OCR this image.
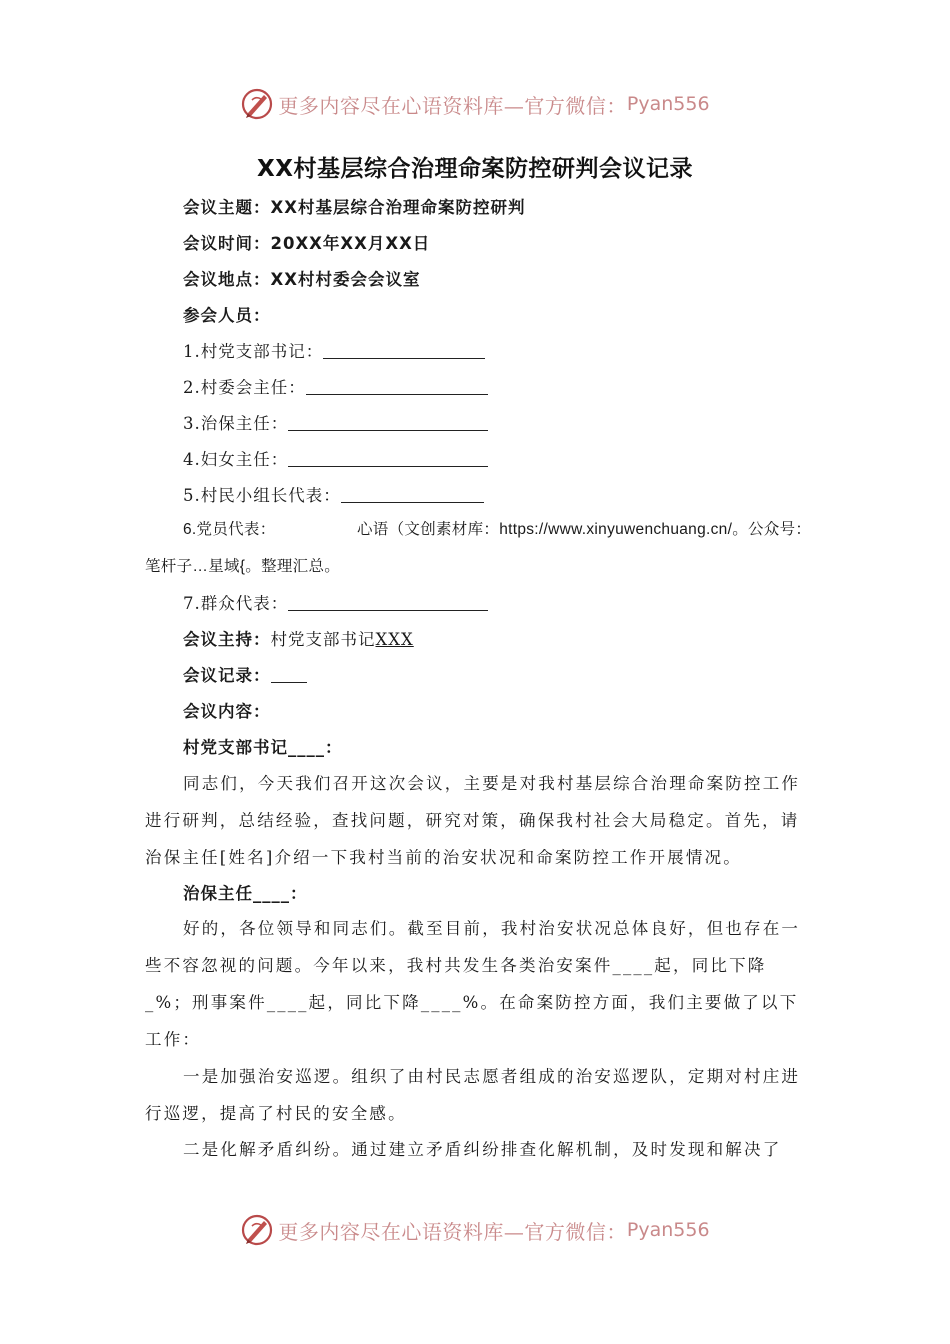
更多内容尽在心语资料库—官方微信： Pyan556
XX村基层综合治理命案防控研判会议记录
会议主题：XX村基层综合治理命案防控研判
会议时间：20XX年XX月XX日
会议地点：XX村村委会会议室
参会人员：
1.村党支部书记：
2.村委会主任：
3.治保主任：
4.妇女主任：
5.村民小组长代表：
6.党员代表：	心语（文创素材库：https://www.xinyuwenchuang.cn/。公众号：
笔杆子…星域{。整理汇总。
7.群众代表：
会议主持：村党支部书记XXX
会议记录：
会议内容：
村党支部书记____：
同志们，今天我们召开这次会议，主要是对我村基层综合治理命案防控工作进行研判，总结经验，查找问题，研究对策，确保我村社会大局稳定。首先，请治保主任[姓名]介绍一下我村当前的治安状况和命案防控工作开展情况。
治保主任____：
好的，各位领导和同志们。截至目前，我村治安状况总体良好，但也存在一些不容忽视的问题。今年以来，我村共发生各类治安案件____起，同比下降_%；刑事案件____起，同比下降____%。在命案防控方面，我们主要做了以下工作：
一是加强治安巡逻。组织了由村民志愿者组成的治安巡逻队，定期对村庄进行巡逻，提高了村民的安全感。
二是化解矛盾纠纷。通过建立矛盾纠纷排查化解机制，及时发现和解决了
更多内容尽在心语资料库—官方微信： Pyan556
